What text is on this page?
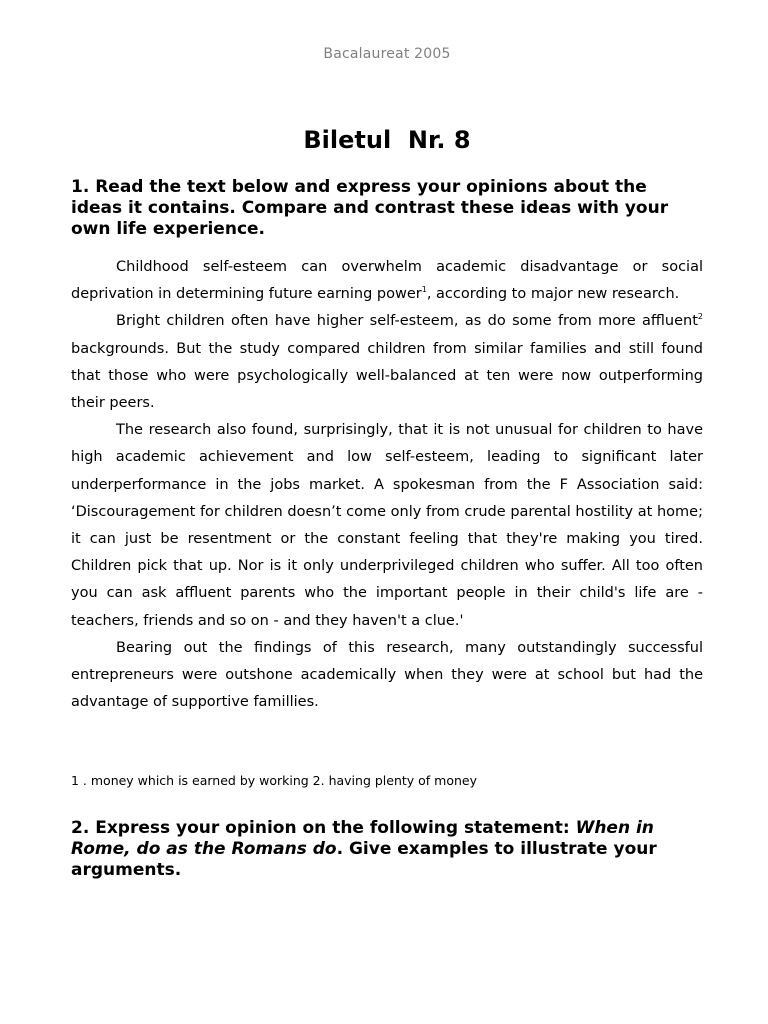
Bacalaureat 2005
Biletul  Nr. 8

1. Read the text below and express your opinions about the ideas it contains. Compare and contrast these ideas with your own life experience.

Childhood self-esteem can overwhelm academic disadvantage or social deprivation in determining future earning power$^1$, according to major new research.

Bright children often have higher self-esteem, as do some from more affluent$^2$ backgrounds. But the study compared children from similar families and still found that those who were psychologically well-balanced at ten were now outperforming their peers.

The research also found, surprisingly, that it is not unusual for children to have high academic achievement and low self-esteem, leading to significant later underperformance in the jobs market. A spokesman from the F Association said: ‘Discouragement for children doesn’t come only from crude parental hostility at home; it can just be resentment or the constant feeling that they're making you tired. Children pick that up. Nor is it only underprivileged children who suffer. All too often you can ask affluent parents who the important people in their child's life are - teachers, friends and so on - and they haven't a clue.'

Bearing out the findings of this research, many outstandingly successful entrepreneurs were outshone academically when they were at school but had the advantage of supportive famillies.

1 . money which is earned by working 2. having plenty of money

2. Express your opinion on the following statement: When in Rome, do as the Romans do. Give examples to illustrate your arguments.
